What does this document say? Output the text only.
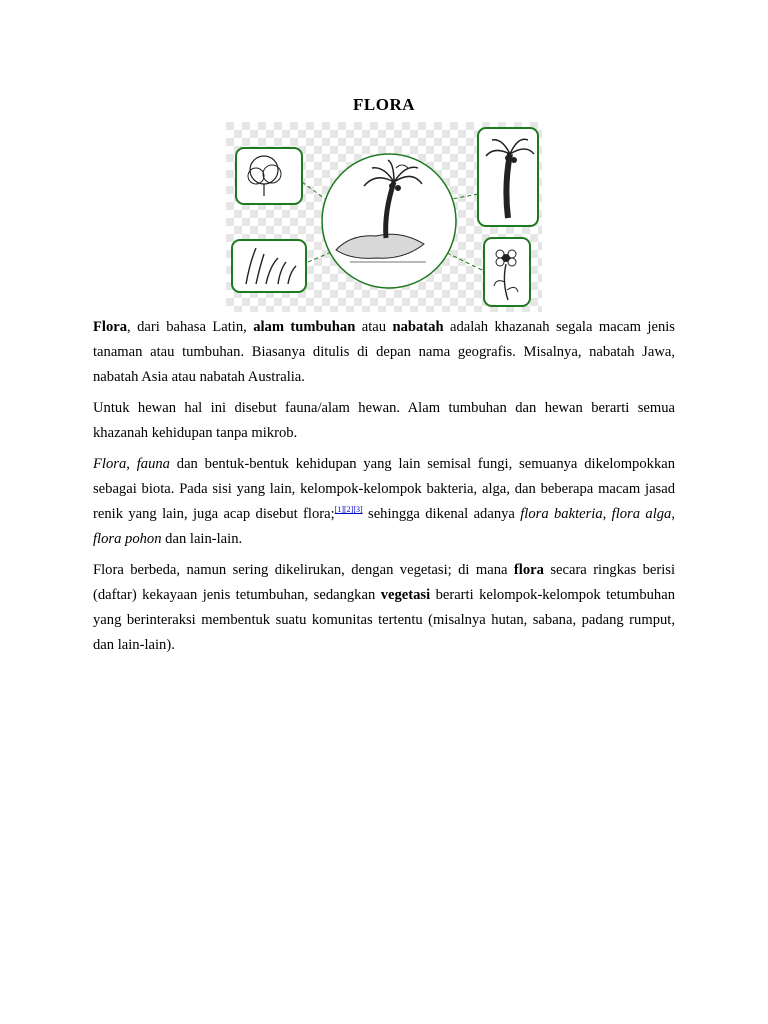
FLORA

Flora, dari bahasa Latin, alam tumbuhan atau nabatah adalah khazanah segala macam jenis tanaman atau tumbuhan. Biasanya ditulis di depan nama geografis. Misalnya, nabatah Jawa, nabatah Asia atau nabatah Australia.

Untuk hewan hal ini disebut fauna/alam hewan. Alam tumbuhan dan hewan berarti semua khazanah kehidupan tanpa mikrob.

Flora, fauna dan bentuk-bentuk kehidupan yang lain semisal fungi, semuanya dikelompokkan sebagai biota. Pada sisi yang lain, kelompok-kelompok bakteria, alga, dan beberapa macam jasad renik yang lain, juga acap disebut flora;[1][2][3] sehingga dikenal adanya flora bakteria, flora alga, flora pohon dan lain-lain.

Flora berbeda, namun sering dikelirukan, dengan vegetasi; di mana flora secara ringkas berisi (daftar) kekayaan jenis tetumbuhan, sedangkan vegetasi berarti kelompok-kelompok tetumbuhan yang berinteraksi membentuk suatu komunitas tertentu (misalnya hutan, sabana, padang rumput, dan lain-lain).
